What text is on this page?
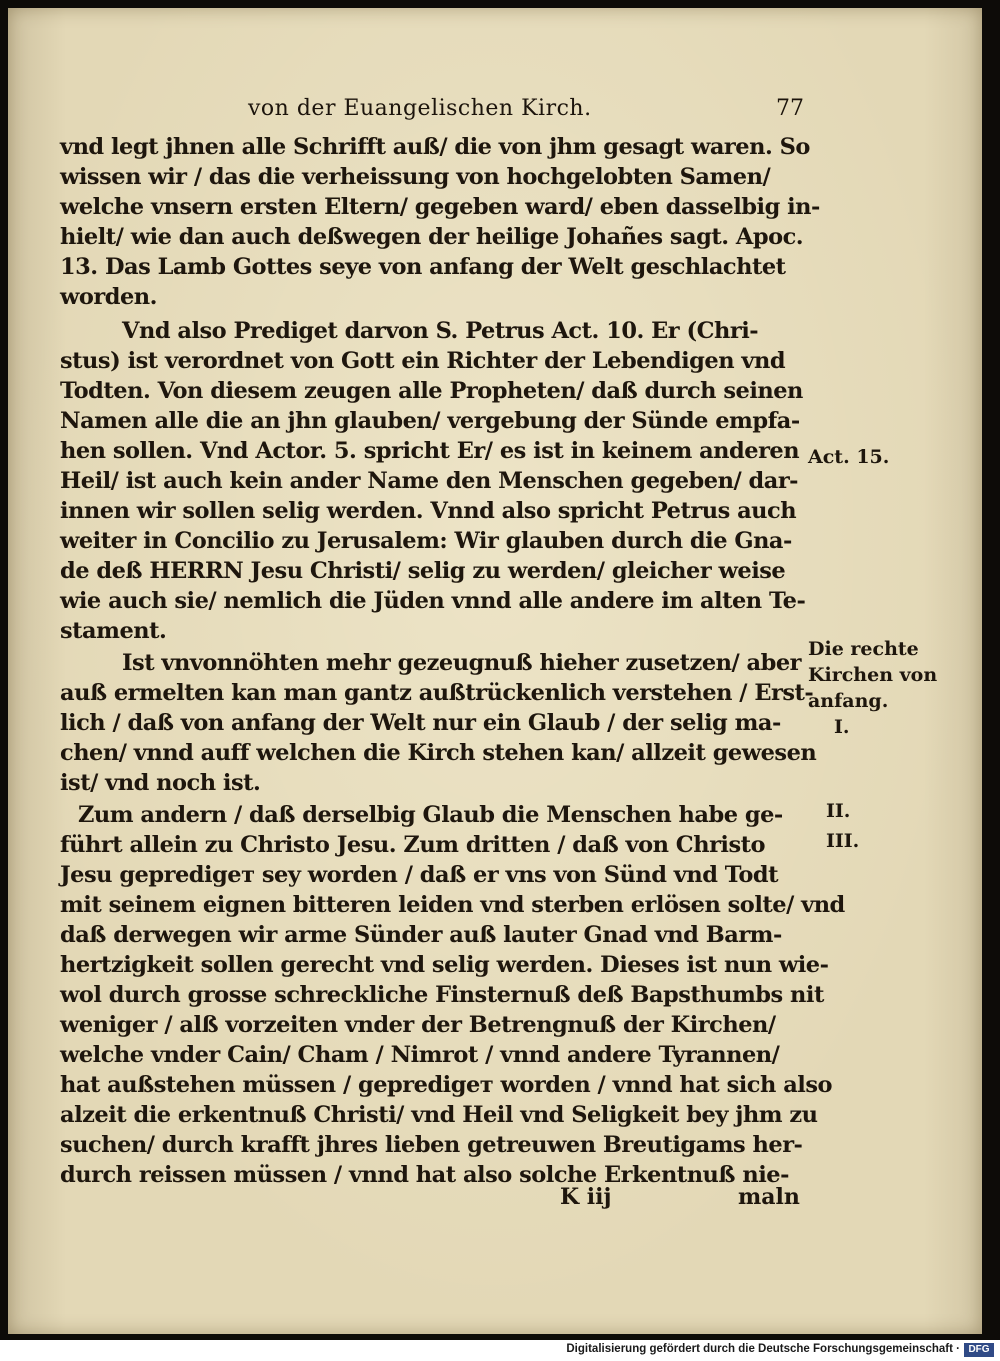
von der Euangelischen Kirch.	77
vnd legt jhnen alle Schrifft auß/ die von jhm gesagt waren. So
wissen wir / das die verheissung von hochgelobten Samen/
welche vnsern ersten Eltern/ gegeben ward/ eben dasselbig in-
hielt/ wie dan auch deßwegen der heilige Johañes sagt. Apoc.
13. Das Lamb Gottes seye von anfang der Welt geschlachtet
worden.
Vnd also Prediget darvon S. Petrus Act. 10. Er (Chri-
stus) ist verordnet von Gott ein Richter der Lebendigen vnd
Todten. Von diesem zeugen alle Propheten/ daß durch seinen
Namen alle die an jhn glauben/ vergebung der Sünde empfa-
hen sollen. Vnd Actor. 5. spricht Er/ es ist in keinem anderen
Heil/ ist auch kein ander Name den Menschen gegeben/ dar-
innen wir sollen selig werden. Vnnd also spricht Petrus auch
weiter in Concilio zu Jerusalem: Wir glauben durch die Gna-
de deß HERRN Jesu Christi/ selig zu werden/ gleicher weise
wie auch sie/ nemlich die Jüden vnnd alle andere im alten Te-
stament.
Ist vnvonnöhten mehr gezeugnuß hieher zusetzen/ aber
auß ermelten kan man gantz außtrückenlich verstehen / Erst-
lich / daß von anfang der Welt nur ein Glaub / der selig ma-
chen/ vnnd auff welchen die Kirch stehen kan/ allzeit gewesen
ist/ vnd noch ist.
Zum andern / daß derselbig Glaub die Menschen habe ge-
führt allein zu Christo Jesu. Zum dritten / daß von Christo
Jesu gepredigет sey worden / daß er vns von Sünd vnd Todt
mit seinem eignen bitteren leiden vnd sterben erlösen solte/ vnd
daß derwegen wir arme Sünder auß lauter Gnad vnd Barm-
hertzigkeit sollen gerecht vnd selig werden. Dieses ist nun wie-
wol durch grosse schreckliche Finsternuß deß Bapsthumbs nit
weniger / alß vorzeiten vnder der Betrengnuß der Kirchen/
welche vnder Cain/ Cham / Nimrot / vnnd andere Tyrannen/
hat außstehen müssen / gepredigет worden / vnnd hat sich also
alzeit die erkentnuß Christi/ vnd Heil vnd Seligkeit bey jhm zu
suchen/ durch krafft jhres lieben getreuwen Breutigams her-
durch reissen müssen / vnnd hat also solche Erkentnuß nie-
Act. 15.
Die rechte
Kirchen von
anfang.
I.
II.
III.
K iij	maln
Digitalisierung gefördert durch die Deutsche Forschungsgemeinschaft · DFG
